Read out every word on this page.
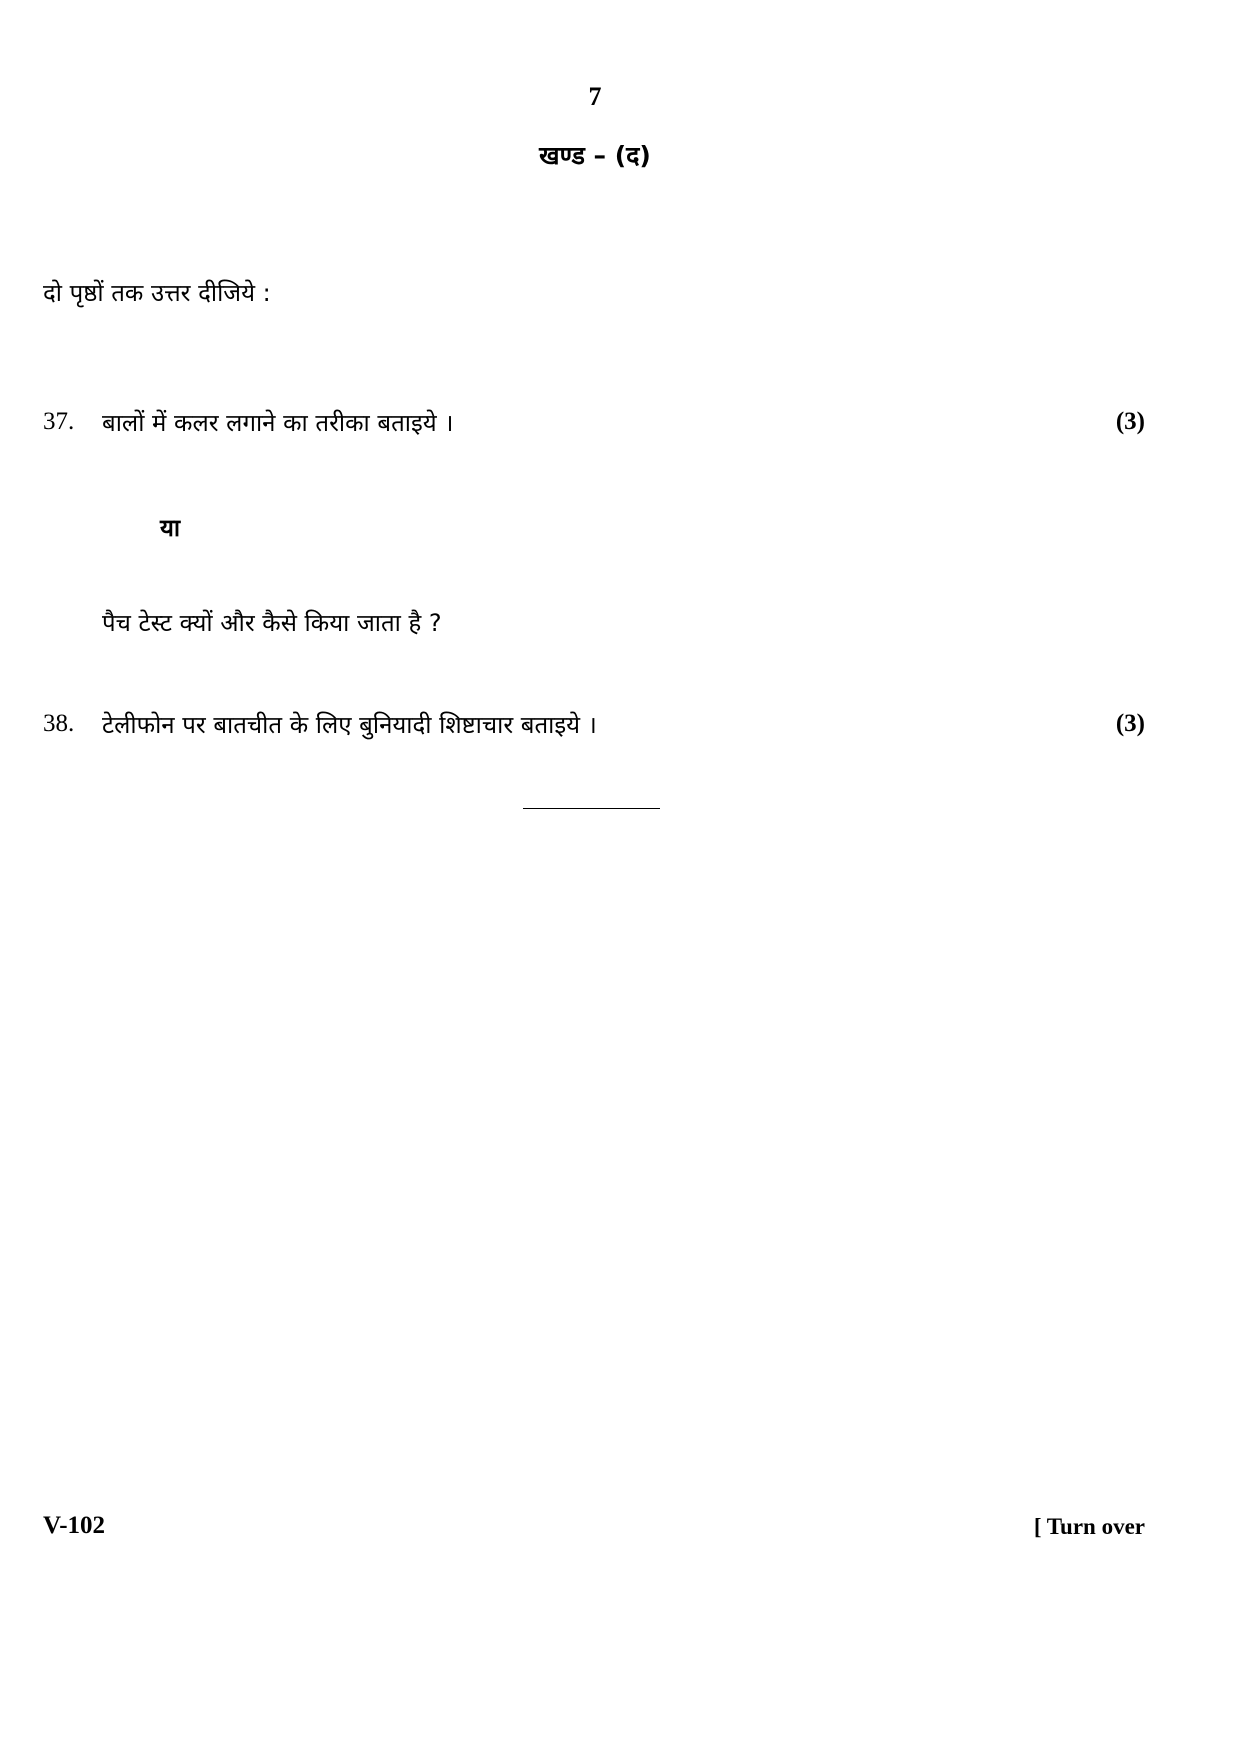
7
खण्ड – (द)
दो पृष्ठों तक उत्तर दीजिये :
37. बालों में कलर लगाने का तरीका बताइये ।	(3)
या
पैच टेस्ट क्यों और कैसे किया जाता है ?
38. टेलीफोन पर बातचीत के लिए बुनियादी शिष्टाचार बताइये ।	(3)
V-102	[ Turn over
